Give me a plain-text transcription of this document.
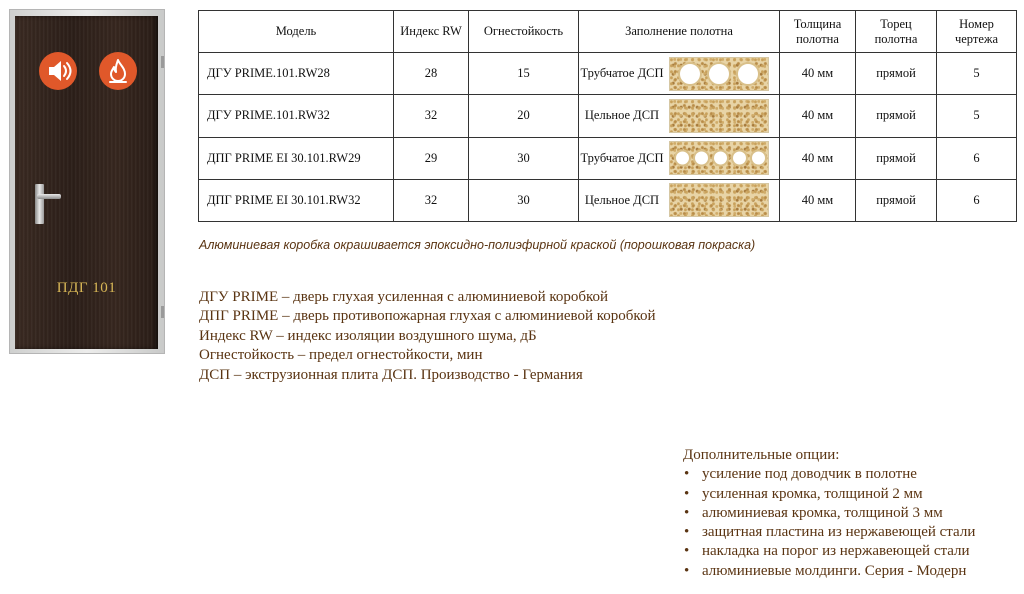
ПДГ 101
Модель	Индекс RW	Огнестойкость	Заполнение полотна	Толщина полотна	Торец полотна	Номер чертежа
ДГУ PRIME.101.RW28	28	15	Трубчатое ДСП	40 мм	прямой	5
ДГУ PRIME.101.RW32	32	20	Цельное ДСП	40 мм	прямой	5
ДПГ PRIME EI 30.101.RW29	29	30	Трубчатое ДСП	40 мм	прямой	6
ДПГ PRIME EI 30.101.RW32	32	30	Цельное ДСП	40 мм	прямой	6
Алюминиевая коробка окрашивается эпоксидно-полиэфирной краской (порошковая покраска)
ДГУ PRIME – дверь глухая усиленная с алюминиевой коробкой
ДПГ PRIME – дверь противопожарная глухая с алюминиевой коробкой
Индекс RW – индекс изоляции воздушного шума, дБ
Огнестойкость – предел огнестойкости, мин
ДСП – экструзионная плита ДСП. Производство - Германия
Дополнительные опции:
• усиление под доводчик в полотне
• усиленная кромка, толщиной 2 мм
• алюминиевая кромка, толщиной 3 мм
• защитная пластина из нержавеющей стали
• накладка на порог из нержавеющей стали
• алюминиевые молдинги. Серия - Модерн
